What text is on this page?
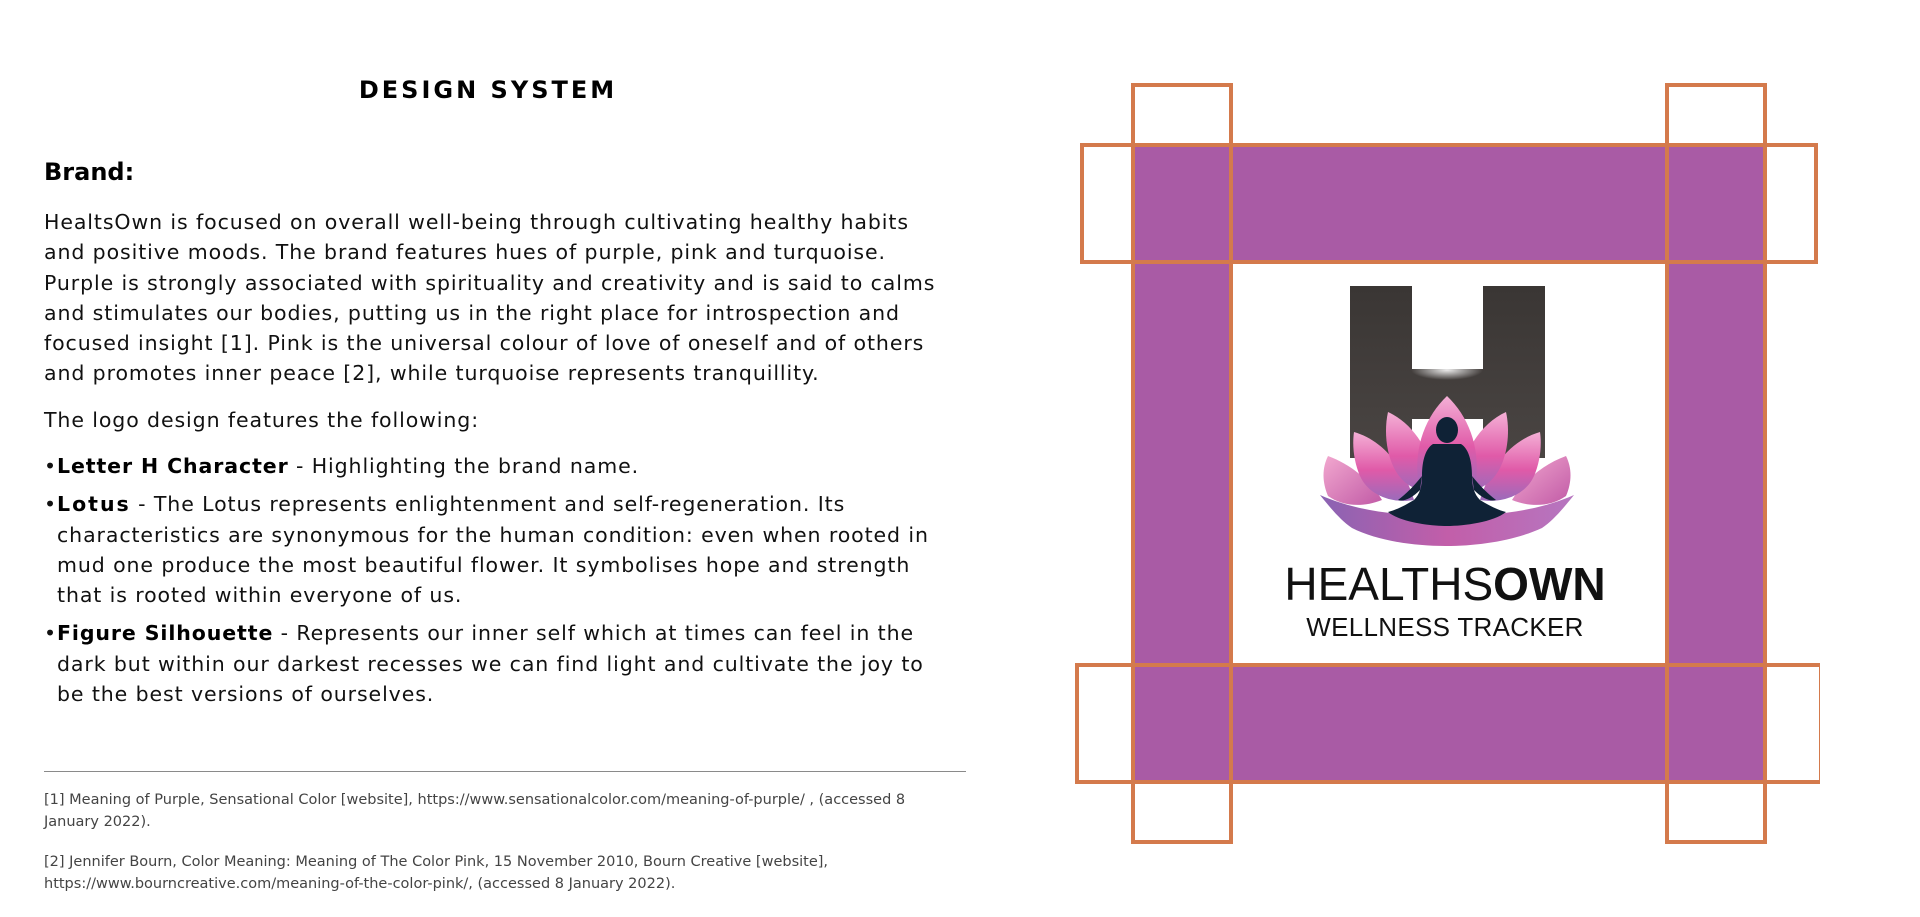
DESIGN SYSTEM
Brand:

HealtsOwn is focused on overall well-being through cultivating healthy habits and positive moods. The brand features hues of purple, pink and turquoise. Purple is strongly associated with spirituality and creativity and is said to calms and stimulates our bodies, putting us in the right place for introspection and focused insight [1]. Pink is the universal colour of love of oneself and of others and promotes inner peace [2], while turquoise represents tranquillity.

The logo design features the following:

• Letter H Character - Highlighting the brand name.
• Lotus - The Lotus represents enlightenment and self-regeneration. Its characteristics are synonymous for the human condition: even when rooted in mud one produce the most beautiful flower. It symbolises hope and strength that is rooted within everyone of us.
• Figure Silhouette - Represents our inner self which at times can feel in the dark but within our darkest recesses we can find light and cultivate the joy to be the best versions of ourselves.

[1] Meaning of Purple, Sensational Color [website], https://www.sensationalcolor.com/meaning-of-purple/ , (accessed 8 January 2022).

[2] Jennifer Bourn, Color Meaning: Meaning of The Color Pink, 15 November 2010, Bourn Creative [website], https://www.bourncreative.com/meaning-of-the-color-pink/, (accessed 8 January 2022).

HEALTHSOWN
WELLNESS TRACKER
